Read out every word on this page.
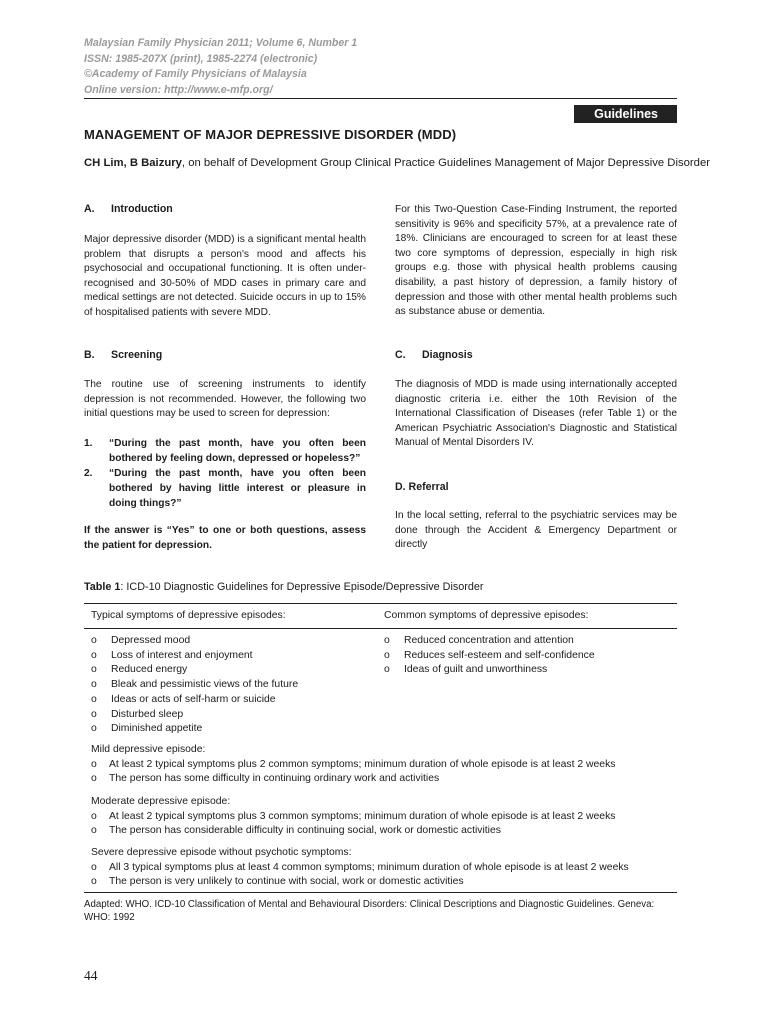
Malaysian Family Physician 2011; Volume 6, Number 1
ISSN: 1985-207X (print), 1985-2274 (electronic)
©Academy of Family Physicians of Malaysia
Online version: http://www.e-mfp.org/
Guidelines
MANAGEMENT OF MAJOR DEPRESSIVE DISORDER (MDD)
CH Lim, B Baizury, on behalf of Development Group Clinical Practice Guidelines Management of Major Depressive Disorder
A. Introduction

Major depressive disorder (MDD) is a significant mental health problem that disrupts a person's mood and affects his psychosocial and occupational functioning. It is often under-recognised and 30-50% of MDD cases in primary care and medical settings are not detected. Suicide occurs in up to 15% of hospitalised patients with severe MDD.

B. Screening

The routine use of screening instruments to identify depression is not recommended. However, the following two initial questions may be used to screen for depression:

1. “During the past month, have you often been bothered by feeling down, depressed or hopeless?”
2. “During the past month, have you often been bothered by having little interest or pleasure in doing things?”
If the answer is “Yes” to one or both questions, assess the patient for depression.

For this Two-Question Case-Finding Instrument, the reported sensitivity is 96% and specificity 57%, at a prevalence rate of 18%. Clinicians are encouraged to screen for at least these two core symptoms of depression, especially in high risk groups e.g. those with physical health problems causing disability, a past history of depression, a family history of depression and those with other mental health problems such as substance abuse or dementia.

C. Diagnosis

The diagnosis of MDD is made using internationally accepted diagnostic criteria i.e. either the 10th Revision of the International Classification of Diseases (refer Table 1) or the American Psychiatric Association's Diagnostic and Statistical Manual of Mental Disorders IV.

D. Referral

In the local setting, referral to the psychiatric services may be done through the Accident & Emergency Department or directly

Table 1: ICD-10 Diagnostic Guidelines for Depressive Episode/Depressive Disorder
Typical symptoms of depressive episodes:	Common symptoms of depressive episodes:
o Depressed mood
o Loss of interest and enjoyment
o Reduced energy
o Bleak and pessimistic views of the future
o Ideas or acts of self-harm or suicide
o Disturbed sleep
o Diminished appetite
o Reduced concentration and attention
o Reduces self-esteem and self-confidence
o Ideas of guilt and unworthiness
Mild depressive episode:
o At least 2 typical symptoms plus 2 common symptoms; minimum duration of whole episode is at least 2 weeks
o The person has some difficulty in continuing ordinary work and activities
Moderate depressive episode:
o At least 2 typical symptoms plus 3 common symptoms; minimum duration of whole episode is at least 2 weeks
o The person has considerable difficulty in continuing social, work or domestic activities
Severe depressive episode without psychotic symptoms:
o All 3 typical symptoms plus at least 4 common symptoms; minimum duration of whole episode is at least 2 weeks
o The person is very unlikely to continue with social, work or domestic activities
Adapted: WHO. ICD-10 Classification of Mental and Behavioural Disorders: Clinical Descriptions and Diagnostic Guidelines. Geneva: WHO: 1992
44
